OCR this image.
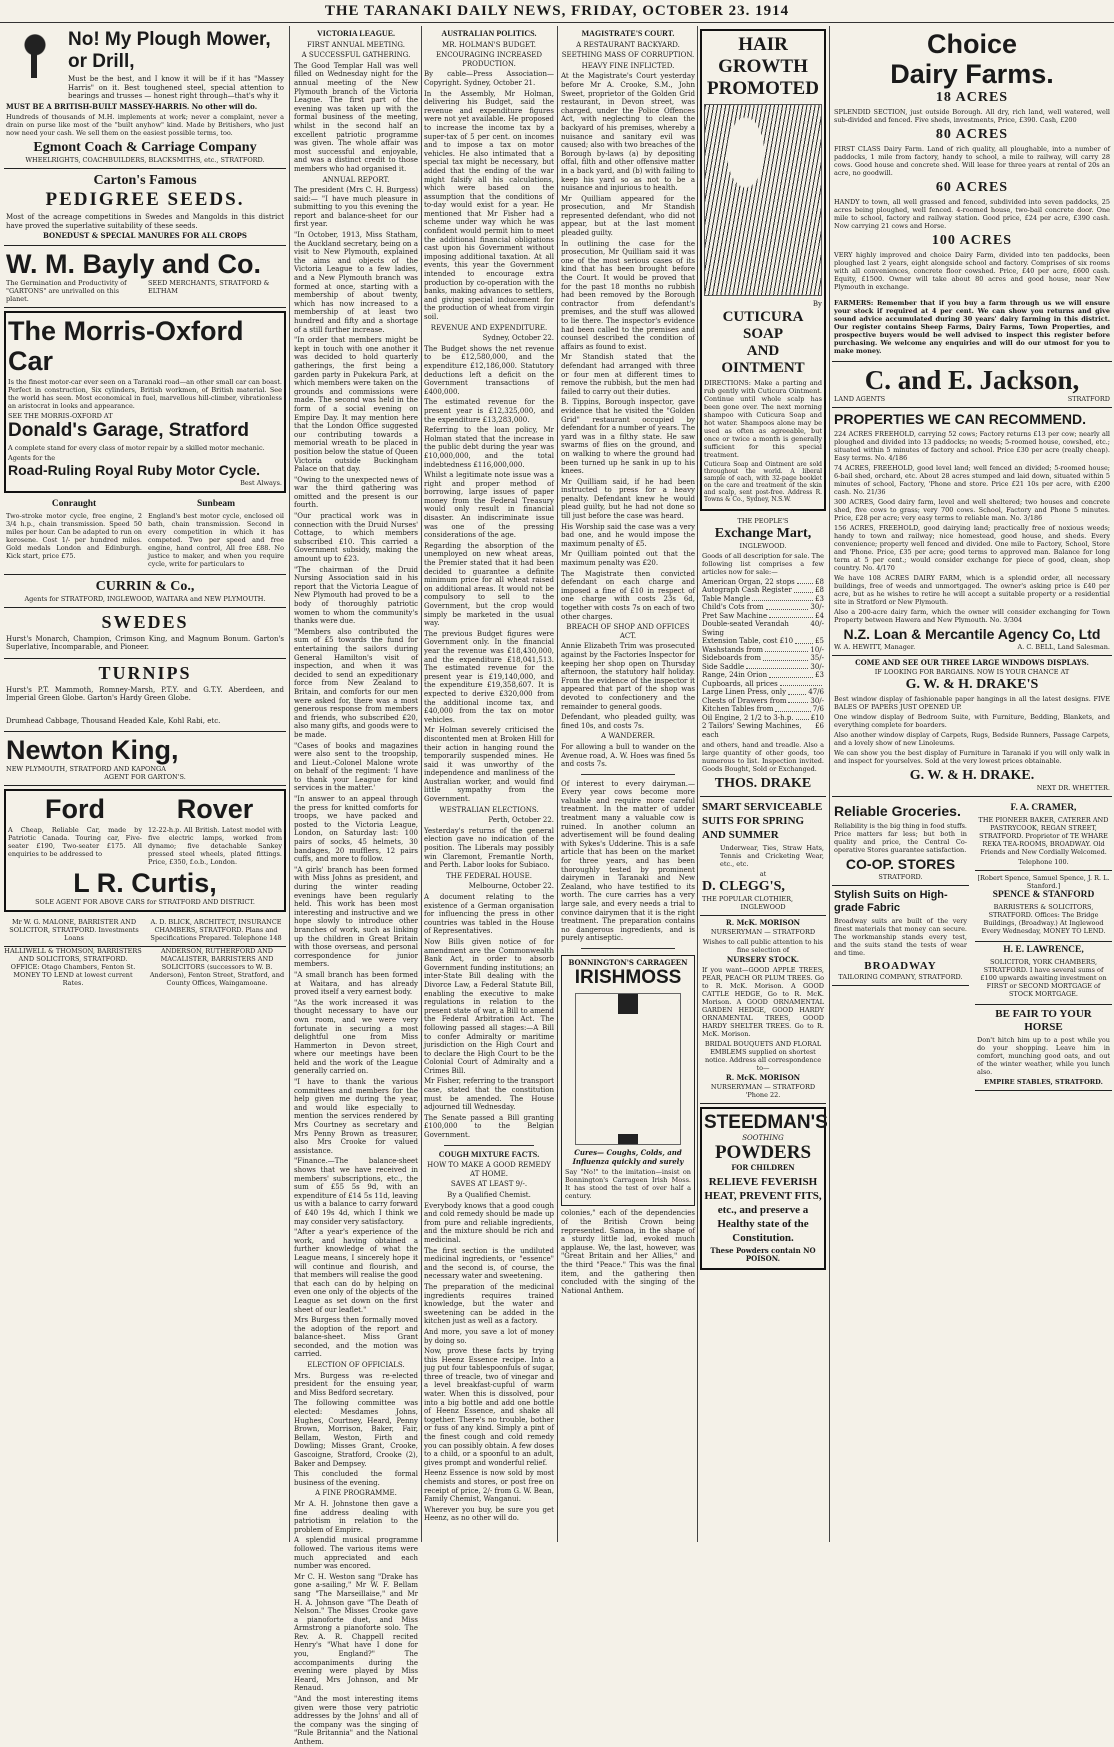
THE TARANAKI DAILY NEWS, FRIDAY, OCTOBER 23. 1914
No! My Plough Mower, or Drill,

Must be the best, and I know it will be if it has "Massey Harris" on it. Best toughened steel, special attention to bearings and trusses — honest right through—that's why it

MUST BE A BRITISH-BUILT MASSEY-HARRIS. No other will do.

Hundreds of thousands of M.H. implements at work; never a complaint, never a drain on purse like most of the "built anyhow" kind. Made by Britishers, who just now need your cash. We sell them on the easiest possible terms, too.

Egmont Coach & Carriage Company
WHEELRIGHTS, COACHBUILDERS, BLACKSMITHS, etc., STRATFORD.
Carton's Famous
PEDIGREE SEEDS.

Most of the acreage competitions in Swedes and Mangolds in this district have proved the superlative suitability of these seeds.

BONEDUST & SPECIAL MANURES FOR ALL CROPS
W. M. Bayly and Co.
The Germination and Productivity of "GARTONS" are unrivalled on this planet.
SEED MERCHANTS, STRATFORD & ELTHAM
The Morris-Oxford Car

Is the finest motor-car ever seen on a Taranaki road—an other small car can boast. Perfect in construction, Six cylinders, British workmen, of British material. See the world has seen. Most economical in fuel, marvellous hill-climber, vibrationless an aristocrat in looks and appearance.

SEE THE MORRIS-OXFORD AT
Donald's Garage, Stratford

A complete stand for every class of motor repair by a skilled motor mechanic.

Agents for the
Road-Ruling Royal Ruby Motor Cycle.
Best Always.
Conraught

Two-stroke motor cycle, free engine, 2 3/4 h.p., chain transmission. Speed 50 miles per hour. Can be adapted to run on kerosene. Cost 1/- per hundred miles. Gold medals London and Edinburgh. Kick start, price £75.

Sunbeam

England's best motor cycle, enclosed oil bath, chain transmission. Second in every competition in which it has competed. Two per speed and free engine, hand control, All free £88. No justice to maker, and when you require cycle, write for particulars to

CURRIN & Co.,
Agents for STRATFORD, INGLEWOOD, WAITARA and NEW PLYMOUTH.
SWEDES

Hurst's Monarch, Champion, Crimson King, and Magnum Bonum. Garton's Superlative, Incomparable, and Pioneer.

TURNIPS

Hurst's P.T. Mammoth, Romney-Marsh, P.T.Y. and G.T.Y. Aberdeen, and Imperial Green Globe. Garton's Hardy Green Globe.

Drumhead Cabbage, Thousand Headed Kale, Kohl Rabi, etc.

Newton King,
NEW PLYMOUTH, STRATFORD AND KAPONGA
AGENT FOR GARTON'S.
Ford

A Cheap, Reliable Car, made by Patriotic Canada. Touring car, Five-seater £190, Two-seater £175. All enquiries to be addressed to

Rover

12-22-h.p. All British. Latest model with five electric lamps, worked from dynamo; five detachable Sankey pressed steel wheels, plated fittings. Price, £350, f.o.b., London.

L R. Curtis,
SOLE AGENT FOR ABOVE CARS for STRATFORD AND DISTRICT.
Mr W. G. MALONE, BARRISTER AND SOLICITOR, STRATFORD. Investments Loans
A. D. BLICK, ARCHITECT, INSURANCE CHAMBERS, STRATFORD. Plans and Specifications Prepared. Telephone 148
HALLIWELL & THOMSON, BARRISTERS AND SOLICITORS, STRATFORD. OFFICE: Otago Chambers, Fenton St. MONEY TO LEND at lowest current Rates.
ANDERSON, RUTHERFORD AND MACALISTER, BARRISTERS AND SOLICITORS (successors to W. B. Anderson), Fenton Street, Stratford, and County Offices, Waingamoane.
VICTORIA LEAGUE.
FIRST ANNUAL MEETING.
A SUCCESSFUL GATHERING.

The Good Templar Hall was well filled on Wednesday night for the annual meeting of the New Plymouth branch of the Victoria League. The first part of the evening was taken up with the formal business of the meeting, whilst in the second half an excellent patriotic programme was given. The whole affair was most successful and enjoyable, and was a distinct credit to those members who had organised it.

ANNUAL REPORT.

The president (Mrs C. H. Burgess) said:— "I have much pleasure in submitting to you this evening the report and balance-sheet for our first year.

"In October, 1913, Miss Statham, the Auckland secretary, being on a visit to New Plymouth, explained the aims and objects of the Victoria League to a few ladies, and a New Plymouth branch was formed at once, starting with a membership of about twenty, which has now increased to a membership of at least two hundred and fifty and a shortage of a still further increase.

"In order that members might be kept in touch with one another it was decided to hold quarterly gatherings, the first being a garden party in Pukekura Park, at which members were taken on the grounds and commissions were made. The second was held in the form of a social evening on Empire Day. It may mention here that the London Office suggested our contributing towards a memorial wreath to be placed in position below the statue of Queen Victoria outside Buckingham Palace on that day.

"Owing to the unexpected news of war the third gathering was omitted and the present is our fourth.

"Our practical work was in connection with the Druid Nurses' Cottage, to which members subscribed £10. This carried a Government subsidy, making the amount up to £23.

"The chairman of the Druid Nursing Association said in his report that the Victoria League of New Plymouth had proved to be a body of thoroughly patriotic women to whom the community's thanks were due.

"Members also contributed the sum of £5 towards the fund for entertaining the sailors during General Hamilton's visit of inspection, and when it was decided to send an expeditionary force from New Zealand to Britain, and comforts for our men were asked for, there was a most generous response from members and friends, who subscribed £20, also many gifts, and goods were to be made.

"Cases of books and magazines were also sent to the troopship, and Lieut.-Colonel Malone wrote on behalf of the regiment: 'I have to thank your League for kind services in the matter.'

"In answer to an appeal through the press for knitted comforts for troops, we have packed and posted to the Victoria League, London, on Saturday last: 100 pairs of socks, 45 helmets, 30 bandages, 20 mufflers, 12 pairs cuffs, and more to follow.

"A girls' branch has been formed with Miss Johns as president, and during the winter reading evenings have been regularly held. This work has been most interesting and instructive and we hope slowly to introduce other branches of work, such as linking up the children in Great Britain with those overseas, and personal correspondence for junior members.

"A small branch has been formed at Waitara, and has already proved itself a very earnest body.

"As the work increased it was thought necessary to have our own room, and we were very fortunate in securing a most delightful one from Miss Hammerton in Devon street, where our meetings have been held and the work of the League generally carried on.

"I have to thank the various committees and members for the help given me during the year, and would like especially to mention the services rendered by Mrs Courtney as secretary and Mrs Penny Brown as treasurer, also Mrs Crooke for valued assistance.

"Finance.—The balance-sheet shows that we have received in members' subscriptions, etc., the sum of £55 5s 9d, with an expenditure of £14 5s 11d, leaving us with a balance to carry forward of £40 19s 4d, which I think we may consider very satisfactory.

"After a year's experience of the work, and having obtained a further knowledge of what the League means, I sincerely hope it will continue and flourish, and that members will realise the good that each can do by helping on even one only of the objects of the League as set down on the first sheet of our leaflet."

Mrs Burgess then formally moved the adoption of the report and balance-sheet. Miss Grant seconded, and the motion was carried.

ELECTION OF OFFICIALS.

Mrs. Burgess was re-elected president for the ensuing year, and Miss Bedford secretary.

The following committee was elected: Mesdames Johns, Hughes, Courtney, Heard, Penny Brown, Morrison, Baker, Fair, Bellam, Weston, Firth and Dowling; Misses Grant, Crooke, Gascoigne, Stratford, Crooke (2), Baker and Dempsey.

This concluded the formal business of the evening.

A FINE PROGRAMME.

Mr A. H. Johnstone then gave a fine address dealing with patriotism in relation to the problem of Empire.

A splendid musical programme followed. The various items were much appreciated and each number was encored.

Mr C. H. Weston sang "Drake has gone a-sailing," Mr W. F. Bellam sang "The Marseillaise," and Mr H. A. Johnson gave "The Death of Nelson." The Misses Crooke gave a pianoforte duet, and Miss Armstrong a pianoforte solo. The Rev. A. R. Chappell recited Henry's "What have I done for you, England?" The accompaniments during the evening were played by Miss Heard, Mrs Johnson, and Mr Renaud.

"And the most interesting items given were those very patriotic addresses by the Johns' and all of the company was the singing of "Rule Britannia" and the National Anthem.

AUSTRALIAN POLITICS.
MR. HOLMAN'S BUDGET.
ENCOURAGING INCREASED PRODUCTION.

By cable—Press Association—Copyright. Sydney, October 21.

In the Assembly, Mr Holman, delivering his Budget, said the revenue and expenditure figures were not yet available. He proposed to increase the income tax by a super-tax of 5 per cent. on incomes and to impose a tax on motor vehicles. He also intimated that a special tax might be necessary, but added that the ending of the war might falsify all his calculations, which were based on the assumption that the conditions of to-day would exist for a year. He mentioned that Mr Fisher had a scheme under way which he was confident would permit him to meet the additional financial obligations cast upon his Government without imposing additional taxation. At all events, this year the Government intended to encourage extra production by co-operation with the banks, making advances to settlers, and giving special inducement for the production of wheat from virgin soil.

REVENUE AND EXPENDITURE.

Sydney, October 22.

The Budget shows the net revenue to be £12,580,000, and the expenditure £12,186,000. Statutory deductions left a deficit on the Government transactions of £400,000.

The estimated revenue for the present year is £12,325,000, and the expenditure £13,283,000.

Referring to the loan policy, Mr Holman stated that the increase in the public debt during the year was £10,000,000, and the total indebtedness £116,000,000.

Whilst a legitimate note issue was a right and proper method of borrowing, large issues of paper money from the Federal Treasury would only result in financial disaster. An indiscriminate issue was one of the pressing considerations of the age.

Regarding the absorption of the unemployed on new wheat areas, the Premier stated that it had been decided to guarantee a definite minimum price for all wheat raised on additional areas. It would not be compulsory to sell to the Government, but the crop would simply be marketed in the usual way.

The previous Budget figures were Government only. In the financial year the revenue was £18,430,000, and the expenditure £18,041,513. The estimated revenue for the present year is £19,140,000, and the expenditure £19,358,607. It is expected to derive £320,000 from the additional income tax, and £40,000 from the tax on motor vehicles.

Mr Holman severely criticised the discontented men at Broken Hill for their action in hanging round the temporarily suspended mines. He said it was unworthy of the independence and manliness of the Australian worker, and would find little sympathy from the Government.

WESTRALIAN ELECTIONS.

Perth, October 22.

Yesterday's returns of the general election gave no indication of the position. The Liberals may possibly win Claremont, Fremantle North, and Perth. Labor looks for Subiaco.

THE FEDERAL HOUSE.

Melbourne, October 22.

A document relating to the existence of a German organisation for influencing the press in other countries was tabled in the House of Representatives.

Now Bills given notice of for amendment are the Commonwealth Bank Act, in order to absorb Government funding institutions; an inter-State Bill dealing with the Divorce Law, a Federal Statute Bill, enabling the executive to make regulations in relation to the present state of war, a Bill to amend the Federal Arbitration Act. The following passed all stages:—A Bill to confer Admiralty or maritime jurisdiction on the High Court and to declare the High Court to be the Colonial Court of Admiralty and a Crimes Bill.

Mr Fisher, referring to the transport case, stated that the constitution must be amended. The House adjourned till Wednesday.

The Senate passed a Bill granting £100,000 to the Belgian Government.

COUGH MIXTURE FACTS.
HOW TO MAKE A GOOD REMEDY AT HOME.
SAVES AT LEAST 9/-.
By a Qualified Chemist.

Everybody knows that a good cough and cold remedy should be made up from pure and reliable ingredients, and the mixture should be rich and medicinal.

The first section is the undiluted medicinal ingredients, or "essence" and the second is, of course, the necessary water and sweetening.

The preparation of the medicinal ingredients requires trained knowledge, but the water and sweetening can be added in the kitchen just as well as a factory.

And more, you save a lot of money by doing so.

Now, prove these facts by trying this Heenz Essence recipe. Into a jug put four tablespoonfuls of sugar, three of treacle, two of vinegar and a level breakfast-cupful of warm water. When this is dissolved, pour into a big bottle and add one bottle of Heenz Essence, and shake all together. There's no trouble, bother or fuss of any kind. Simply a pint of the finest cough and cold remedy you can possibly obtain. A few doses to a child, or a spoonful to an adult, gives prompt and wonderful relief.

Heenz Essence is now sold by most chemists and stores, or post free on receipt of price, 2/- from G. W. Bean, Family Chemist, Wanganui.

Wherever you buy, be sure you get Heenz, as no other will do.

MAGISTRATE'S COURT.
A RESTAURANT BACKYARD.
SEETHING MASS OF CORRUPTION.
HEAVY FINE INFLICTED.

At the Magistrate's Court yesterday before Mr A. Crooke, S.M., John Sweet, proprietor of the Golden Grid restaurant, in Devon street, was charged, under the Police Offences Act, with neglecting to clean the backyard of his premises, whereby a nuisance and sanitary evil was caused; also with two breaches of the Borough by-laws (a) by depositing offal, filth and other offensive matter in a back yard, and (b) with failing to keep his yard so as not to be a nuisance and injurious to health.

Mr Quilliam appeared for the prosecution, and Mr Standish represented defendant, who did not appear, but at the last moment pleaded guilty.

In outlining the case for the prosecution, Mr Quilliam said it was one of the most serious cases of its kind that has been brought before the Court. It would be proved that for the past 18 months no rubbish had been removed by the Borough contractor from defendant's premises, and the stuff was allowed to lie there. The inspector's evidence had been called to the premises and counsel described the condition of affairs as found to exist.

Mr Standish stated that the defendant had arranged with three or four men at different times to remove the rubbish, but the men had failed to carry out their duties.

B. Tippins, Borough inspector, gave evidence that he visited the "Golden Grid" restaurant occupied by defendant for a number of years. The yard was in a filthy state. He saw swarms of flies on the ground, and on walking to where the ground had been turned up he sank in up to his knees.

Mr Quilliam said, if he had been instructed to press for a heavy penalty. Defendant knew he would plead guilty, but he had not done so till just before the case was heard.

His Worship said the case was a very bad one, and he would impose the maximum penalty of £5.

Mr Quilliam pointed out that the maximum penalty was £20.

The Magistrate then convicted defendant on each charge and imposed a fine of £10 in respect of one charge with costs 23s 6d, together with costs 7s on each of two other charges.

BREACH OF SHOP AND OFFICES ACT.

Annie Elizabeth Trim was prosecuted against by the Factories Inspector for keeping her shop open on Thursday afternoon, the statutory half holiday. From the evidence of the inspector it appeared that part of the shop was devoted to confectionery and the remainder to general goods.

Defendant, who pleaded guilty, was fined 10s, and costs 7s.

A WANDERER.

For allowing a bull to wander on the Avenue road, A. W. Hoes was fined 5s and costs 7s.

Of interest to every dairyman.—Every year cows become more valuable and require more careful treatment. In the matter of udder treatment many a valuable cow is ruined. In another column an advertisement will be found dealing with Sykes's Udderine. This is a safe article that has been on the market for three years, and has been thoroughly tested by prominent dairymen in Taranaki and New Zealand, who have testified to its worth. The cure carries has a very large sale, and every needs a trial to convince dairymen that it is the right treatment. The preparation contains no dangerous ingredients, and is purely antiseptic.

BONNINGTON'S CARRAGEEN
IRISHMOSS

Cures— Coughs, Colds, and Influenza quickly and surely

Say "No!" to the imitation—insist on Bonnington's Carrageen Irish Moss. It has stood the test of over half a century.

colonies," each of the dependencies of the British Crown being represented. Samoa, in the shape of a sturdy little lad, evoked much applause. We, the last, however, was "Great Britain and her Allies," and the third "Peace." This was the final item, and the gathering then concluded with the singing of the National Anthem.

HAIR GROWTH
PROMOTED
By
CUTICURA SOAP
AND OINTMENT

DIRECTIONS: Make a parting and rub gently with Cuticura Ointment. Continue until whole scalp has been gone over. The next morning shampoo with Cuticura Soap and hot water. Shampoos alone may be used as often as agreeable, but once or twice a month is generally sufficient for this special treatment.

Cuticura Soap and Ointment are sold throughout the world. A liberal sample of each, with 32-page booklet on the care and treatment of the skin and scalp, sent post-free. Address R. Towns & Co., Sydney, N.S.W.

THE PEOPLE'S
Exchange Mart,
INGLEWOOD.

Goods of all description for sale. The following list comprises a few articles now for sale:—

American Organ, 22 stops	£8
Autograph Cash Register	£8
Table Mangle	£3
Child's Cots from	30/-
Pret Saw Machine	£4
Double-seated Verandah Swing
40/-
Extension Table, cost £10	£5
Washstands from	10/-
Sideboards from	35/-
Side Saddle	30/-
Range, 24in Orion	£3
Cupboards, all prices
Large Linen Press, only	47/6
Chests of Drawers from	30/-
Kitchen Tables from	7/6
Oil Engine, 2 1/2 to 3-h.p. £10
2 Tailors' Sewing Machines, each
£6

and others, hand and treadle. Also a large quantity of other goods, too numerous to list. Inspection invited. Goods Bought, Sold or Exchanged.

THOS. DRAKE
SMART SERVICEABLE SUITS FOR SPRING AND SUMMER

Underwear, Ties, Straw Hats, Tennis and Cricketing Wear, etc., etc.

at
D. CLEGG'S,
THE POPULAR CLOTHIER,
INGLEWOOD
R. McK. MORISON
NURSERYMAN — STRATFORD

Wishes to call public attention to his fine selection of

NURSERY STOCK.

If you want—GOOD APPLE TREES, PEAR, PEACH OR PLUM TREES. Go to R. McK. Morison. A GOOD CATTLE HEDGE, Go to R. McK. Morison. A GOOD ORNAMENTAL GARDEN HEDGE, GOOD HARDY ORNAMENTAL TREES, GOOD HARDY SHELTER TREES. Go to R. McK. Morison.

BRIDAL BOUQUETS AND FLORAL EMBLEMS supplied on shortest notice. Address all correspondence to—

R. McK. MORISON
NURSERYMAN — STRATFORD
'Phone 22.
STEEDMAN'S
SOOTHING
POWDERS
FOR CHILDREN

RELIEVE FEVERISH HEAT, PREVENT FITS, etc., and preserve a Healthy state of the Constitution.

These Powders contain NO POISON.
Choice
Dairy Farms.
18 ACRES

SPLENDID SECTION, just outside Borough. All dry, rich land, well watered, well sub-divided and fenced. Five sheds, investments, Price, £390. Cash, £200

80 ACRES

FIRST CLASS Dairy Farm. Land of rich quality, all ploughable, into a number of paddocks, 1 mile from factory, handy to school, a mile to railway, will carry 28 cows. Good house and concrete shed. Will lease for three years at rental of 20s an acre, no goodwill.

60 ACRES

HANDY to town, all well grassed and fenced, subdivided into seven paddocks, 25 acres being ploughed, well fenced. 4-roomed house, two-bail concrete door. One mile to school, factory and railway station. Good price, £24 per acre, £390 cash. Now carrying 21 cows and Horse.

100 ACRES

VERY highly improved and choice Dairy Farm, divided into ten paddocks, been ploughed last 2 years, eight alongside school and factory. Comprises of six rooms with all conveniences, concrete floor cowshed. Price, £40 per acre, £600 cash. Equity, £1500. Owner will take about 80 acres and good house, near New Plymouth in exchange.

FARMERS: Remember that if you buy a farm through us we will ensure your stock if required at 4 per cent. We can show you returns and give sound advice accumulated during 30 years' dairy farming in this district. Our register contains Sheep Farms, Dairy Farms, Town Properties, and prospective buyers would be well advised to inspect this register before purchasing. We welcome any enquiries and will do our utmost for you to make money.

C. and E. Jackson,
LAND AGENTS	STRATFORD
PROPERTIES WE CAN RECOMMEND.

224 ACRES FREEHOLD, carrying 52 cows; Factory returns £13 per cow; nearly all ploughed and divided into 13 paddocks; no weeds; 5-roomed house, cowshed, etc.; situated within 5 minutes of factory and school. Price £30 per acre (really cheap). Easy terms. No. 4/186

74 ACRES, FREEHOLD, good level land; well fenced an divided; 5-roomed house; 6-bail shed, orchard, etc. About 28 acres stumped and laid down, situated within 5 minutes of school, Factory, 'Phone and store. Price £21 10s per acre, with £200 cash. No. 21/36

300 ACRES, Good dairy farm, level and well sheltered; two houses and concrete shed, five cows to grass; very 700 cows. School, Factory and Phone 5 minutes. Price, £28 per acre; very easy terms to reliable man. No. 3/186

156 ACRES, FREEHOLD, good dairying land; practically free of noxious weeds; handy to town and railway; nice homestead, good house, and sheds. Every convenience; property well fenced and divided. One mile to Factory, School, Store and 'Phone. Price, £35 per acre; good terms to approved man. Balance for long term at 5 per cent.; would consider exchange for piece of good, clean, shop country. No. 4/170

We have 108 ACRES DAIRY FARM, which is a splendid order, all necessary buildings, free of weeds and unmortgaged. The owner's asking price is £40 per acre, but as he wishes to retire he will accept a suitable property or a residential site in Stratford or New Plymouth.

Also a 200-acre dairy farm, which the owner will consider exchanging for Town Property between Hawera and New Plymouth. No. 3/304

N.Z. Loan & Mercantile Agency Co, Ltd
W. A. HEWITT, Manager.	A. C. BELL, Land Salesman.
COME AND SEE OUR THREE LARGE WINDOWS DISPLAYS.
IF LOOKING FOR BARGAINS. NOW IS YOUR CHANCE AT
G. W. & H. DRAKE'S

Best window display of fashionable paper hangings in all the latest designs. FIVE BALES OF PAPERS JUST OPENED UP.

One window display of Bedroom Suite, with Furniture, Bedding, Blankets, and everything complete for boarders.

Also another window display of Carpets, Rugs, Bedside Runners, Passage Carpets, and a lovely show of new Linoleums.

We can show you the best display of Furniture in Taranaki if you will only walk in and inspect for yourselves. Sold at the very lowest prices obtainable.

G. W. & H. DRAKE.
NEXT DR. WHETTER.
Reliable Groceries.

Reliability is the big thing in food stuffs. Price matters far less; but both in quality and price, the Central Co-operative Stores guarantee satisfaction.

CO-OP. STORES
STRATFORD.
Stylish Suits on High-grade Fabric

Broadway suits are built of the very finest materials that money can secure. The workmanship stands every test, and the suits stand the tests of wear and time.

BROADWAY
TAILORING COMPANY, STRATFORD.
F. A. CRAMER,

THE PIONEER BAKER, CATERER AND PASTRYCOOK, REGAN STREET, STRATFORD. Proprietor of TE WHARE REKA TEA-ROOMS, BROADWAY. Old Friends and New Cordially Welcomed.

Telephone 100.
[Robert Spence, Samuel Spence, J. R. L. Stanford.]
SPENCE & STANFORD

BARRISTERS & SOLICITORS, STRATFORD. Offices: The Bridge Buildings, (Broadway.) At Inglewood Every Wednesday, MONEY TO LEND.

H. E. LAWRENCE,

SOLICITOR, YORK CHAMBERS, STRATFORD. I have several sums of £100 upwards awaiting investment on FIRST or SECOND MORTGAGE of STOCK MORTGAGE.

BE FAIR TO YOUR HORSE

Don't hitch him up to a post while you do your shopping. Leave him in comfort, munching good oats, and out of the winter weather, while you lunch also.

EMPIRE STABLES, STRATFORD.
